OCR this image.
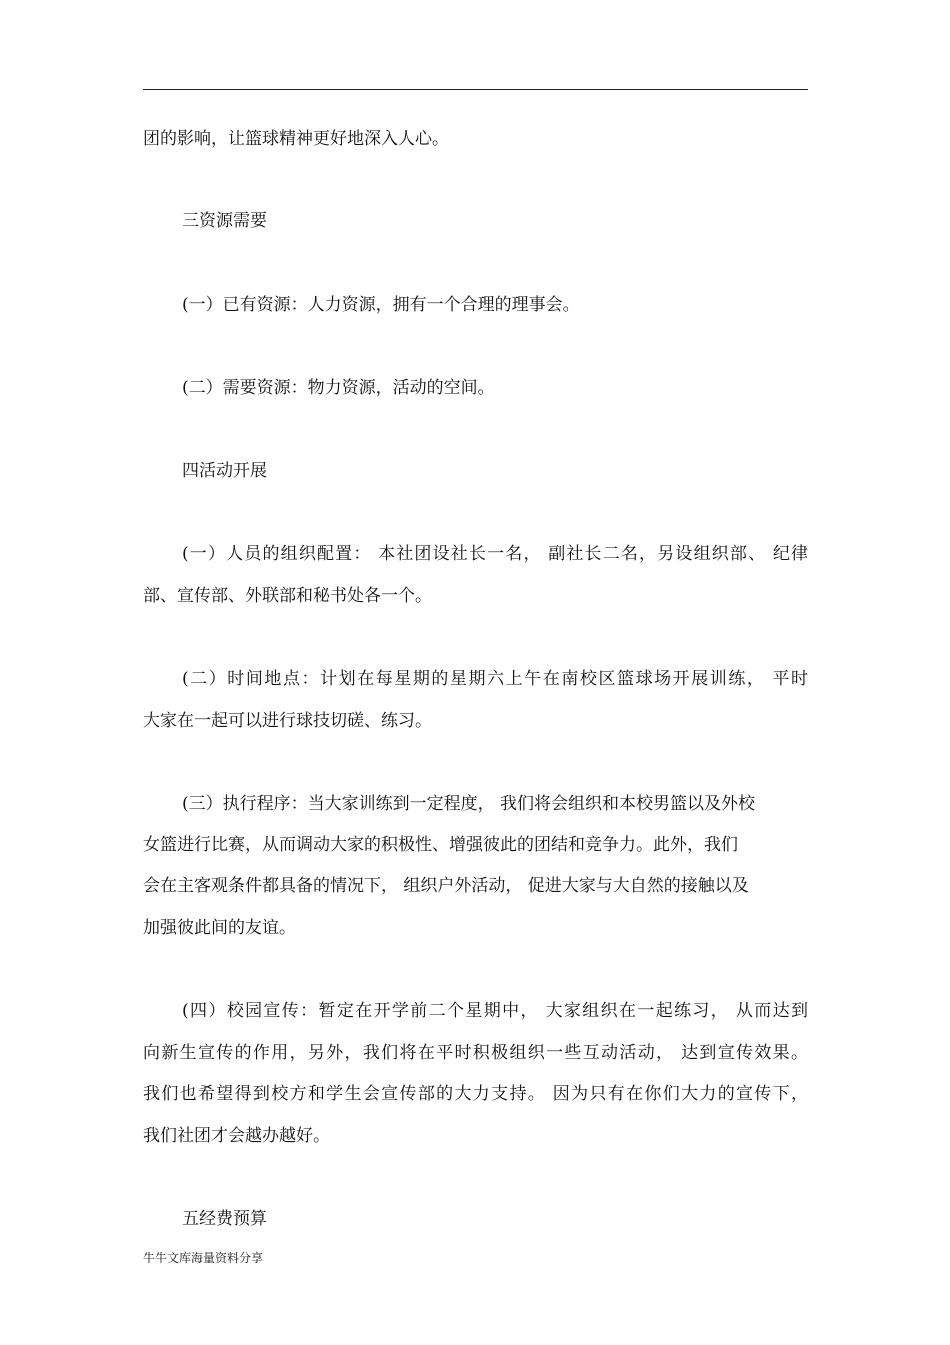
团的影响，让篮球精神更好地深入人心。
三资源需要
(一）已有资源：人力资源，拥有一个合理的理事会。
(二）需要资源：物力资源，活动的空间。
四活动开展
(一）人员的组织配置： 本社团设社长一名， 副社长二名，另设组织部、 纪律
部、宣传部、外联部和秘书处各一个。
(二）时间地点：计划在每星期的星期六上午在南校区篮球场开展训练， 平时
大家在一起可以进行球技切磋、练习。
(三）执行程序：当大家训练到一定程度， 我们将会组织和本校男篮以及外校
女篮进行比赛，从而调动大家的积极性、增强彼此的团结和竞争力。此外，我们
会在主客观条件都具备的情况下， 组织户外活动， 促进大家与大自然的接触以及
加强彼此间的友谊。
(四）校园宣传：暂定在开学前二个星期中， 大家组织在一起练习， 从而达到
向新生宣传的作用，另外，我们将在平时积极组织一些互动活动， 达到宣传效果。
我们也希望得到校方和学生会宣传部的大力支持。 因为只有在你们大力的宣传下，
我们社团才会越办越好。
五经费预算
牛牛文库海量资料分享
